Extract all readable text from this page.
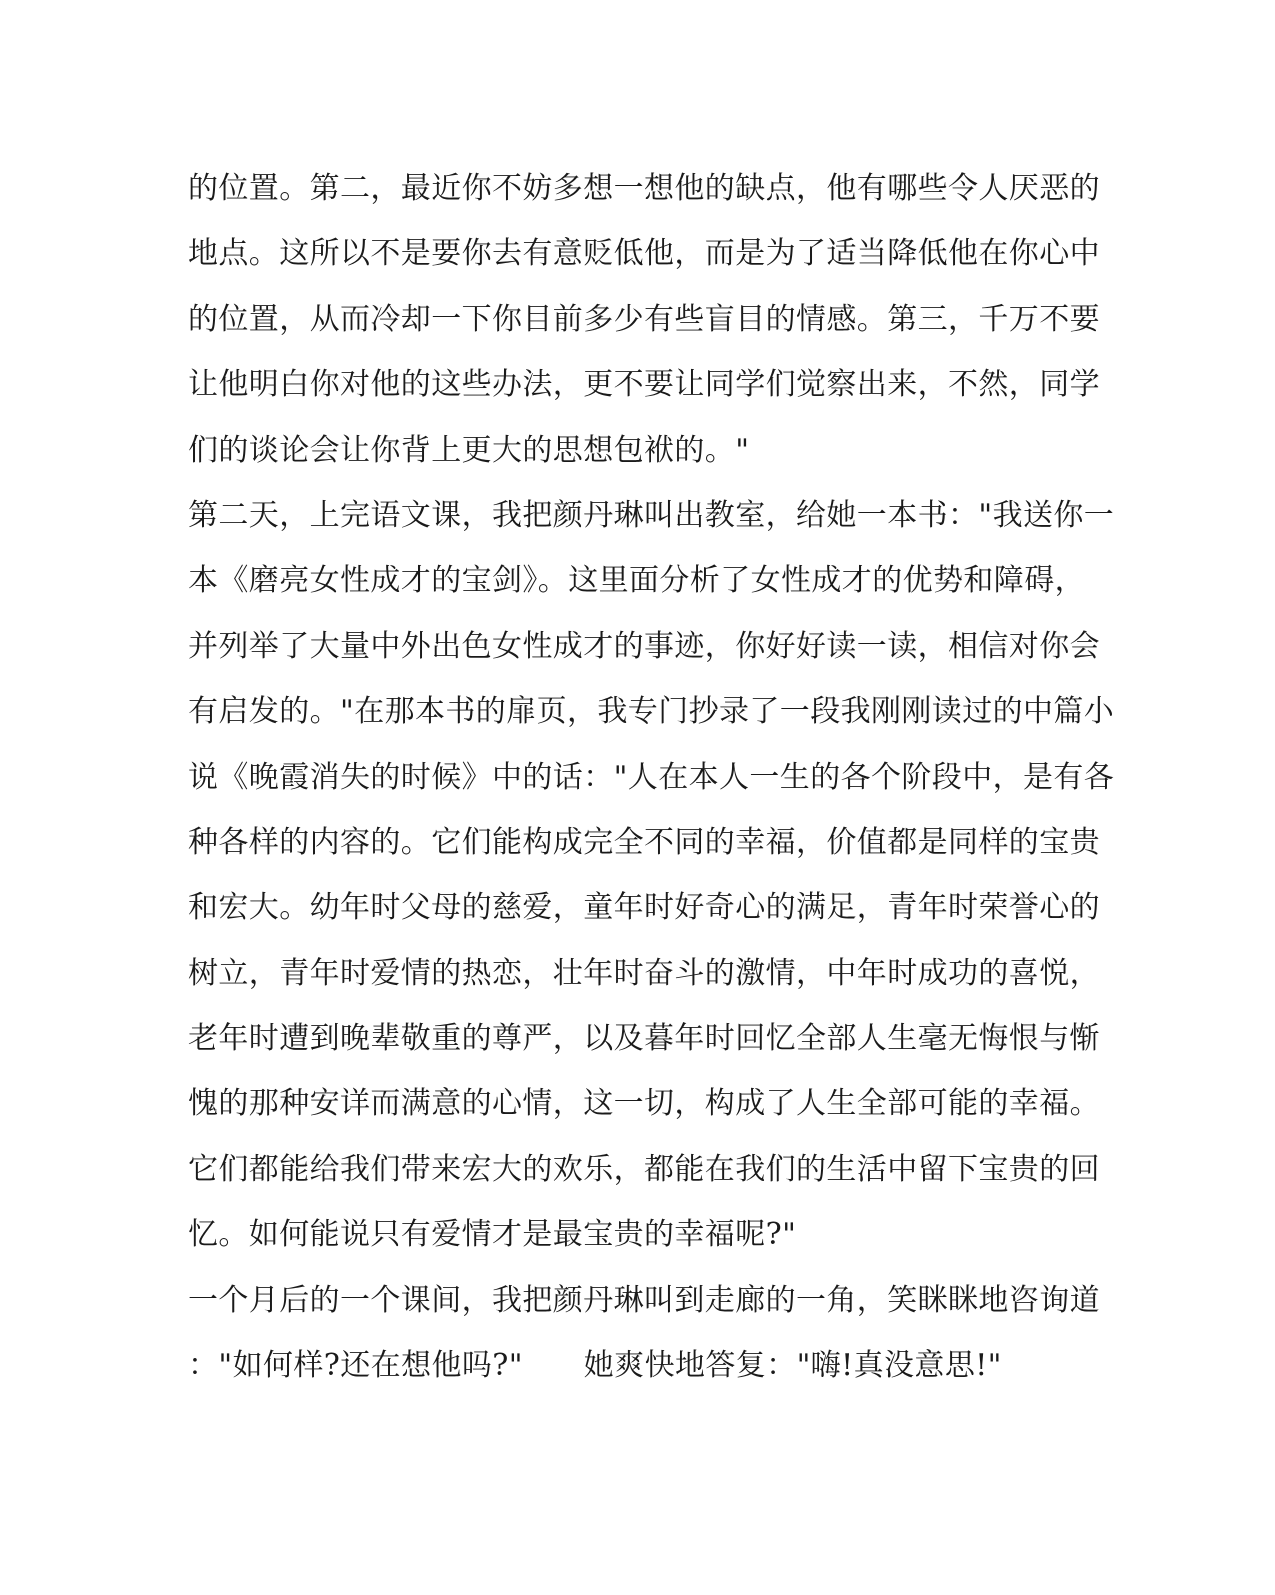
的位置。第二，最近你不妨多想一想他的缺点，他有哪些令人厌恶的
地点。这所以不是要你去有意贬低他，而是为了适当降低他在你心中
的位置，从而冷却一下你目前多少有些盲目的情感。第三，千万不要
让他明白你对他的这些办法，更不要让同学们觉察出来，不然，同学
们的谈论会让你背上更大的思想包袱的。"
第二天，上完语文课，我把颜丹琳叫出教室，给她一本书："我送你一
本《磨亮女性成才的宝剑》。这里面分析了女性成才的优势和障碍，
并列举了大量中外出色女性成才的事迹，你好好读一读，相信对你会
有启发的。"在那本书的扉页，我专门抄录了一段我刚刚读过的中篇小
说《晚霞消失的时候》中的话："人在本人一生的各个阶段中，是有各
种各样的内容的。它们能构成完全不同的幸福，价值都是同样的宝贵
和宏大。幼年时父母的慈爱，童年时好奇心的满足，青年时荣誉心的
树立，青年时爱情的热恋，壮年时奋斗的激情，中年时成功的喜悦，
老年时遭到晚辈敬重的尊严，以及暮年时回忆全部人生毫无悔恨与惭
愧的那种安详而满意的心情，这一切，构成了人生全部可能的幸福。
它们都能给我们带来宏大的欢乐，都能在我们的生活中留下宝贵的回
忆。如何能说只有爱情才是最宝贵的幸福呢?"
一个月后的一个课间，我把颜丹琳叫到走廊的一角，笑眯眯地咨询道
："如何样?还在想他吗?"　　她爽快地答复："嗨!真没意思!"
